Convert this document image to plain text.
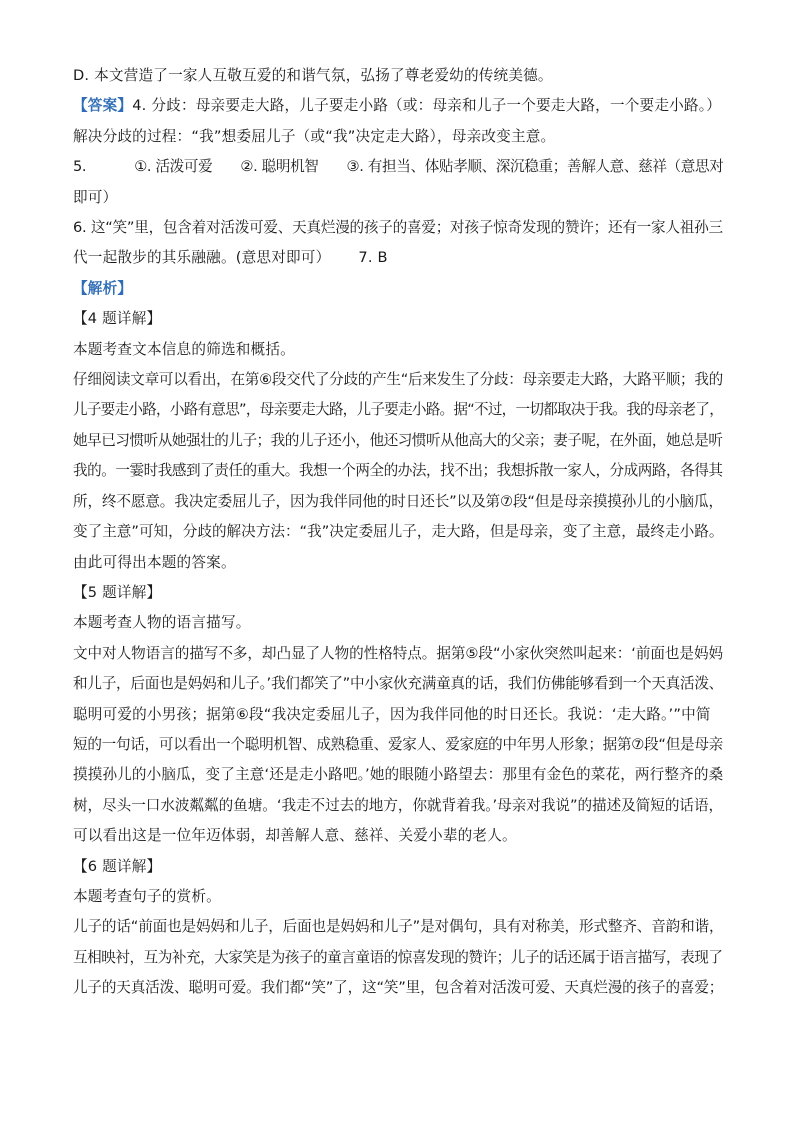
D. 本文营造了一家人互敬互爱的和谐气氛，弘扬了尊老爱幼的传统美德。

【答案】4. 分歧：母亲要走大路，儿子要走小路（或：母亲和儿子一个要走大路，一个要走小路。）

解决分歧的过程：“我”想委屈儿子（或“我”决定走大路），母亲改变主意。

5.	①. 活泼可爱 ②. 聪明机智 ③. 有担当、体贴孝顺、深沉稳重；善解人意、慈祥（意思对

即可）

6. 这“笑”里，包含着对活泼可爱、天真烂漫的孩子的喜爱；对孩子惊奇发现的赞许；还有一家人祖孙三

代一起散步的其乐融融。(意思对即可） 7. B

【解析】

【4 题详解】

本题考查文本信息的筛选和概括。

仔细阅读文章可以看出，在第⑥段交代了分歧的产生“后来发生了分歧：母亲要走大路，大路平顺；我的

儿子要走小路，小路有意思”，母亲要走大路，儿子要走小路。据“不过，一切都取决于我。我的母亲老了，

她早已习惯听从她强壮的儿子；我的儿子还小，他还习惯听从他高大的父亲；妻子呢，在外面，她总是听

我的。一霎时我感到了责任的重大。我想一个两全的办法，找不出；我想拆散一家人，分成两路，各得其

所，终不愿意。我决定委屈儿子，因为我伴同他的时日还长”以及第⑦段“但是母亲摸摸孙儿的小脑瓜，

变了主意”可知，分歧的解决方法：“我”决定委屈儿子，走大路，但是母亲，变了主意，最终走小路。

由此可得出本题的答案。

【5 题详解】

本题考查人物的语言描写。

文中对人物语言的描写不多，却凸显了人物的性格特点。据第⑤段“小家伙突然叫起来：‘前面也是妈妈

和儿子，后面也是妈妈和儿子。’我们都笑了”中小家伙充满童真的话，我们仿佛能够看到一个天真活泼、

聪明可爱的小男孩；据第⑥段“我决定委屈儿子，因为我伴同他的时日还长。我说：‘走大路。’”中简

短的一句话，可以看出一个聪明机智、成熟稳重、爱家人、爱家庭的中年男人形象；据第⑦段“但是母亲

摸摸孙儿的小脑瓜，变了主意‘还是走小路吧。’她的眼随小路望去：那里有金色的菜花，两行整齐的桑

树，尽头一口水波粼粼的鱼塘。‘我走不过去的地方，你就背着我。’母亲对我说”的描述及简短的话语，

可以看出这是一位年迈体弱，却善解人意、慈祥、关爱小辈的老人。

【6 题详解】

本题考查句子的赏析。

儿子的话“前面也是妈妈和儿子，后面也是妈妈和儿子”是对偶句，具有对称美，形式整齐、音韵和谐，

互相映衬，互为补充，大家笑是为孩子的童言童语的惊喜发现的赞许；儿子的话还属于语言描写，表现了

儿子的天真活泼、聪明可爱。我们都“笑”了，这“笑”里，包含着对活泼可爱、天真烂漫的孩子的喜爱；
